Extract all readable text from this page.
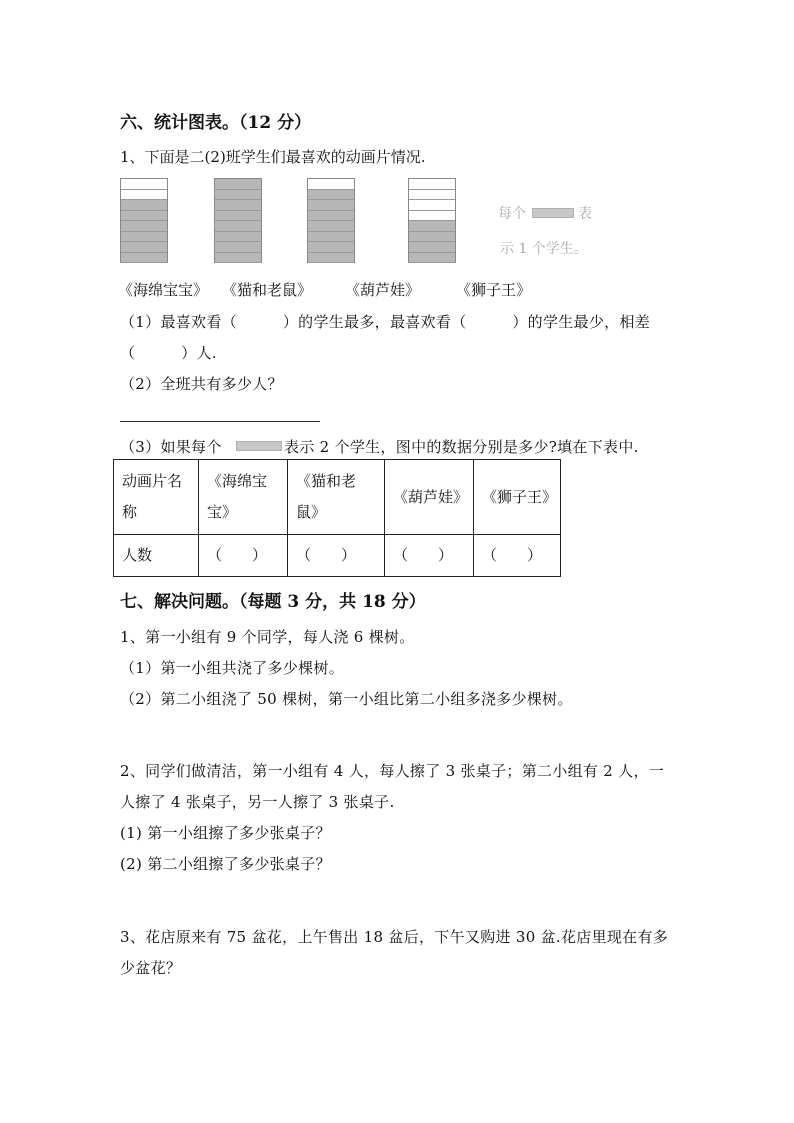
六、统计图表。（12 分）
1、下面是二(2)班学生们最喜欢的动画片情况.
每个	表
示 1 个学生。
《海绵宝宝》 《猫和老鼠》 《葫芦娃》 《狮子王》
（1）最喜欢看（　　　）的学生最多，最喜欢看（　　　）的学生最少，相差
（　　　）人.
（2）全班共有多少人？
（3）如果每个	表示 2 个学生，图中的数据分别是多少?填在下表中.
动画片名称	《海绵宝宝》	《猫和老鼠》	《葫芦娃》	《狮子王》
人数	（　　）	（　　）	（　　）	（　　）
七、解决问题。（每题 3 分，共 18 分）
1、第一小组有 9 个同学，每人浇 6 棵树。
（1）第一小组共浇了多少棵树。
（2）第二小组浇了 50 棵树，第一小组比第二小组多浇多少棵树。
2、同学们做清洁，第一小组有 4 人，每人擦了 3 张桌子；第二小组有 2 人，一
人擦了 4 张桌子，另一人擦了 3 张桌子.
(1) 第一小组擦了多少张桌子？
(2) 第二小组擦了多少张桌子？
3、花店原来有 75 盆花，上午售出 18 盆后，下午又购进 30 盆.花店里现在有多
少盆花？
